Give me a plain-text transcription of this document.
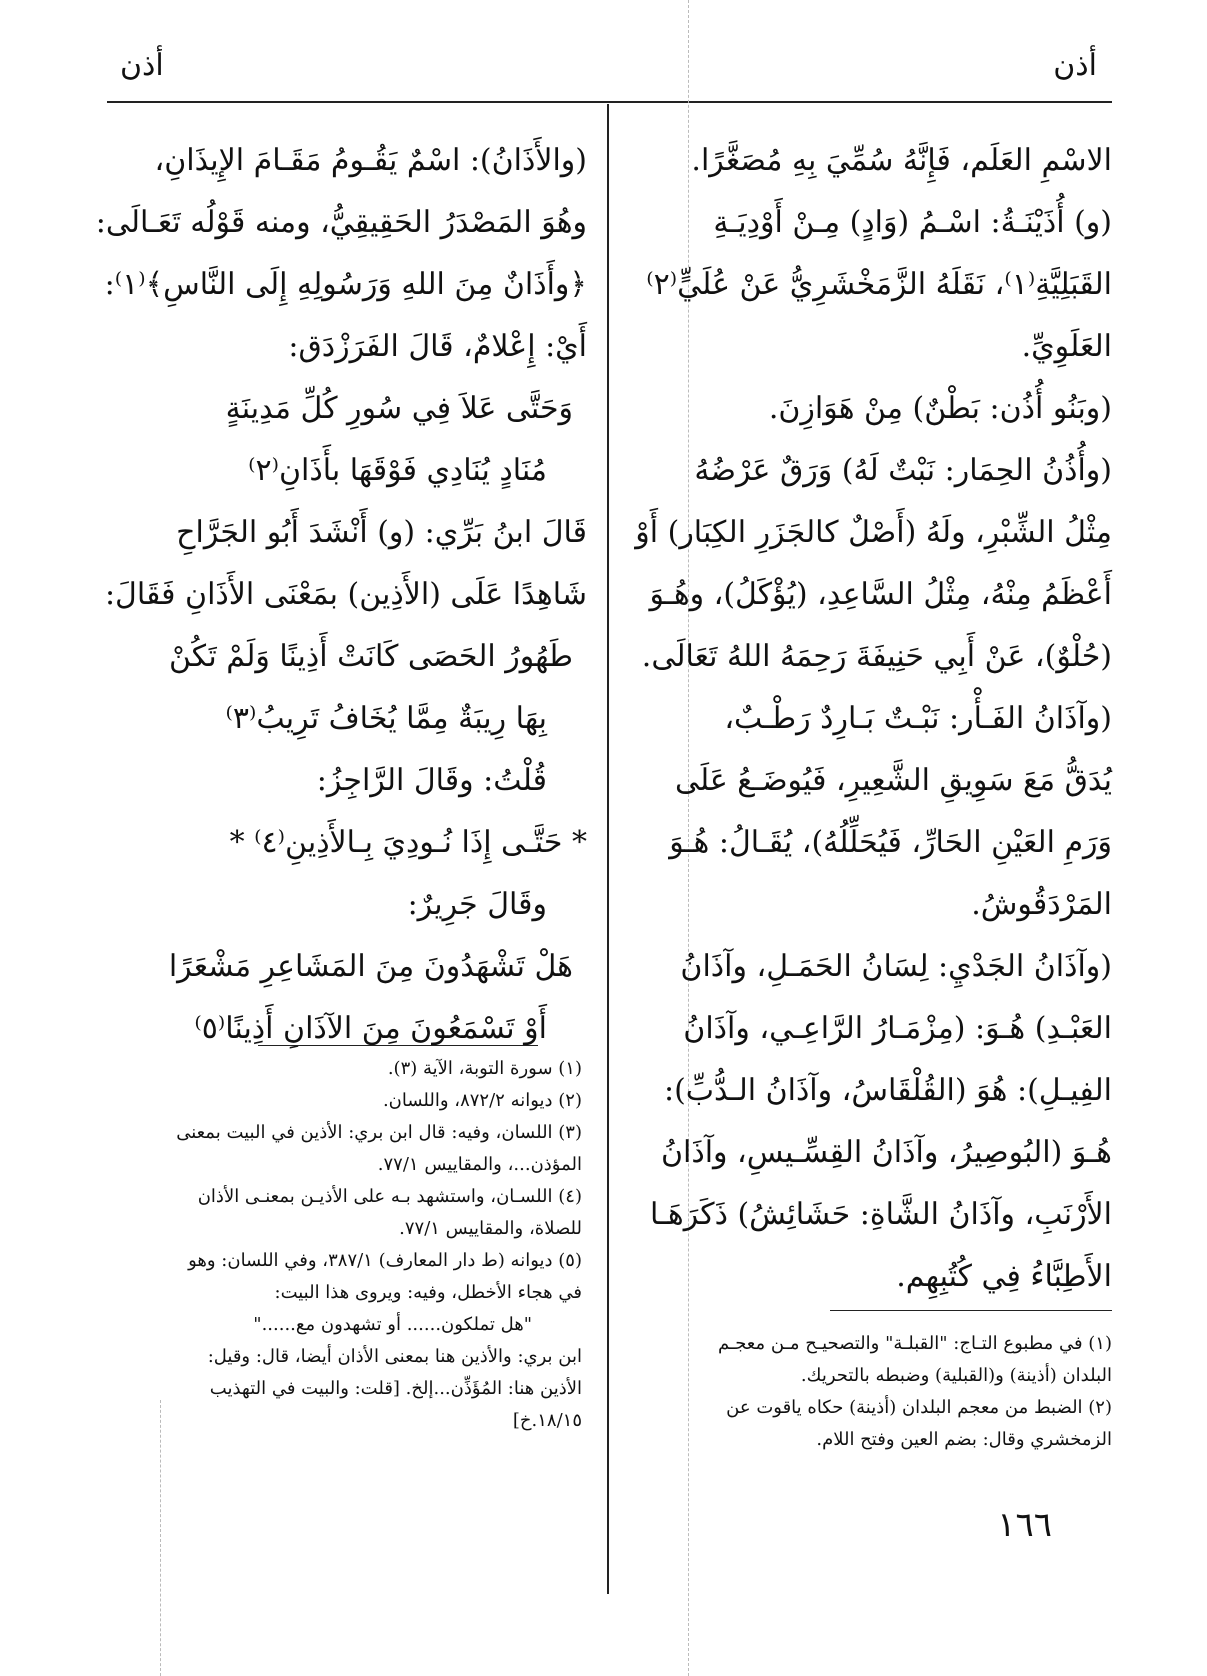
أذن
أذن
الاسْمِ العَلَم، فَإِنَّهُ سُمِّيَ بِهِ مُصَغَّرًا.
(و) أُذَيْنَـةُ: اسْـمُ (وَادٍ) مِـنْ أَوْدِيَـةِ
القَبَلِيَّةِ⁽١⁾، نَقَلَهُ الزَّمَخْشَرِيُّ عَنْ عُلَيٍّ⁽٢⁾
العَلَوِيِّ.
(وبَنُو أُذُن: بَطْنٌ) مِنْ هَوَازِنَ.
(وأُذُنُ الحِمَار: نَبْتٌ لَهُ) وَرَقٌ عَرْضُهُ
مِثْلُ الشِّبْرِ، ولَهُ (أَصْلٌ كالجَزَرِ الكِبَار) أَوْ
أَعْظَمُ مِنْهُ، مِثْلُ السَّاعِدِ، (يُؤْكَلُ)، وهُـوَ
(حُلْوٌ)، عَنْ أَبِي حَنِيفَةَ رَحِمَهُ اللهُ تَعَالَى.
(وآذَانُ الفَـأْر: نَبْـتٌ بَـارِدٌ رَطْـبٌ،
يُدَقُّ مَعَ سَوِيقِ الشَّعِيرِ، فَيُوضَـعُ عَلَى
وَرَمِ العَيْنِ الحَارِّ، فَيُحَلِّلُهُ)، يُقَـالُ: هُـوَ
المَرْدَقُوشُ.
(وآذَانُ الجَدْيِ: لِسَانُ الحَمَـلِ، وآذَانُ
العَبْـدِ) هُـوَ: (مِزْمَـارُ الرَّاعِـي، وآذَانُ
الفِيـلِ): هُوَ (القُلْقَاسُ، وآذَانُ الـدُّبِّ):
هُـوَ (البُوصِيرُ، وآذَانُ القِسِّـيسِ، وآذَانُ
الأَرْنَبِ، وآذَانُ الشَّاةِ: حَشَائِشُ) ذَكَرَهَـا
الأَطِبَّاءُ فِي كُتُبِهِم.
(والأَذَانُ): اسْمٌ يَقُـومُ مَقَـامَ الإِيذَانِ،
وهُوَ المَصْدَرُ الحَقِيقِيُّ، ومنه قَوْلُه تَعَـالَى:
﴿وأَذَانٌ مِنَ اللهِ وَرَسُولِهِ إِلَى النَّاسِ﴾⁽١⁾:
أَيْ: إِعْلامٌ، قَالَ الفَرَزْدَق:
وَحَتَّى عَلاَ فِي سُورِ كُلِّ مَدِينَةٍ
مُنَادٍ يُنَادِي فَوْقَهَا بأَذَانِ⁽٢⁾
قَالَ ابنُ بَرِّي: (و) أَنْشَدَ أَبُو الجَرَّاحِ
شَاهِدًا عَلَى (الأَذِين) بمَعْنَى الأَذَانِ فَقَالَ:
طَهُورُ الحَصَى كَانَتْ أَذِينًا وَلَمْ تَكُنْ
بِهَا رِيبَةٌ مِمَّا يُخَافُ تَرِيبُ⁽٣⁾
قُلْتُ: وقَالَ الرَّاجِزُ:
* حَتَّـى إِذَا نُـودِيَ بِـالأَذِينِ⁽٤⁾ *
وقَالَ جَرِيرٌ:
هَلْ تَشْهَدُونَ مِنَ المَشَاعِرِ مَشْعَرًا
أَوْ تَسْمَعُونَ مِنَ الآذَانِ أَذِينًا⁽٥⁾
(١) سورة التوبة، الآية (٣).
(٢) ديوانه ٨٧٢/٢، واللسان.
(٣) اللسان، وفيه: قال ابن بري: الأذين في البيت بمعنى
المؤذن...، والمقاييس ٧٧/١.
(٤) اللسـان، واستشهد بـه على الأذيـن بمعنـى الأذان
للصلاة، والمقاييس ٧٧/١.
(٥) ديوانه (ط دار المعارف) ٣٨٧/١، وفي اللسان: وهو
في هجاء الأخطل، وفيه: ويروى هذا البيت:
"هل تملكون...... أو تشهدون مع......"
ابن بري: والأذين هنا بمعنى الأذان أيضا، قال: وقيل:
الأذين هنا: المُؤَذِّن...إلخ. [قلت: والبيت في التهذيب
١٨/١٥.خ]
(١) في مطبوع التـاج: "القبلـة" والتصحيـح مـن معجـم
البلدان (أذينة) و(القبلية) وضبطه بالتحريك.
(٢) الضبط من معجم البلدان (أذينة) حكاه ياقوت عن
الزمخشري وقال: بضم العين وفتح اللام.
١٦٦
